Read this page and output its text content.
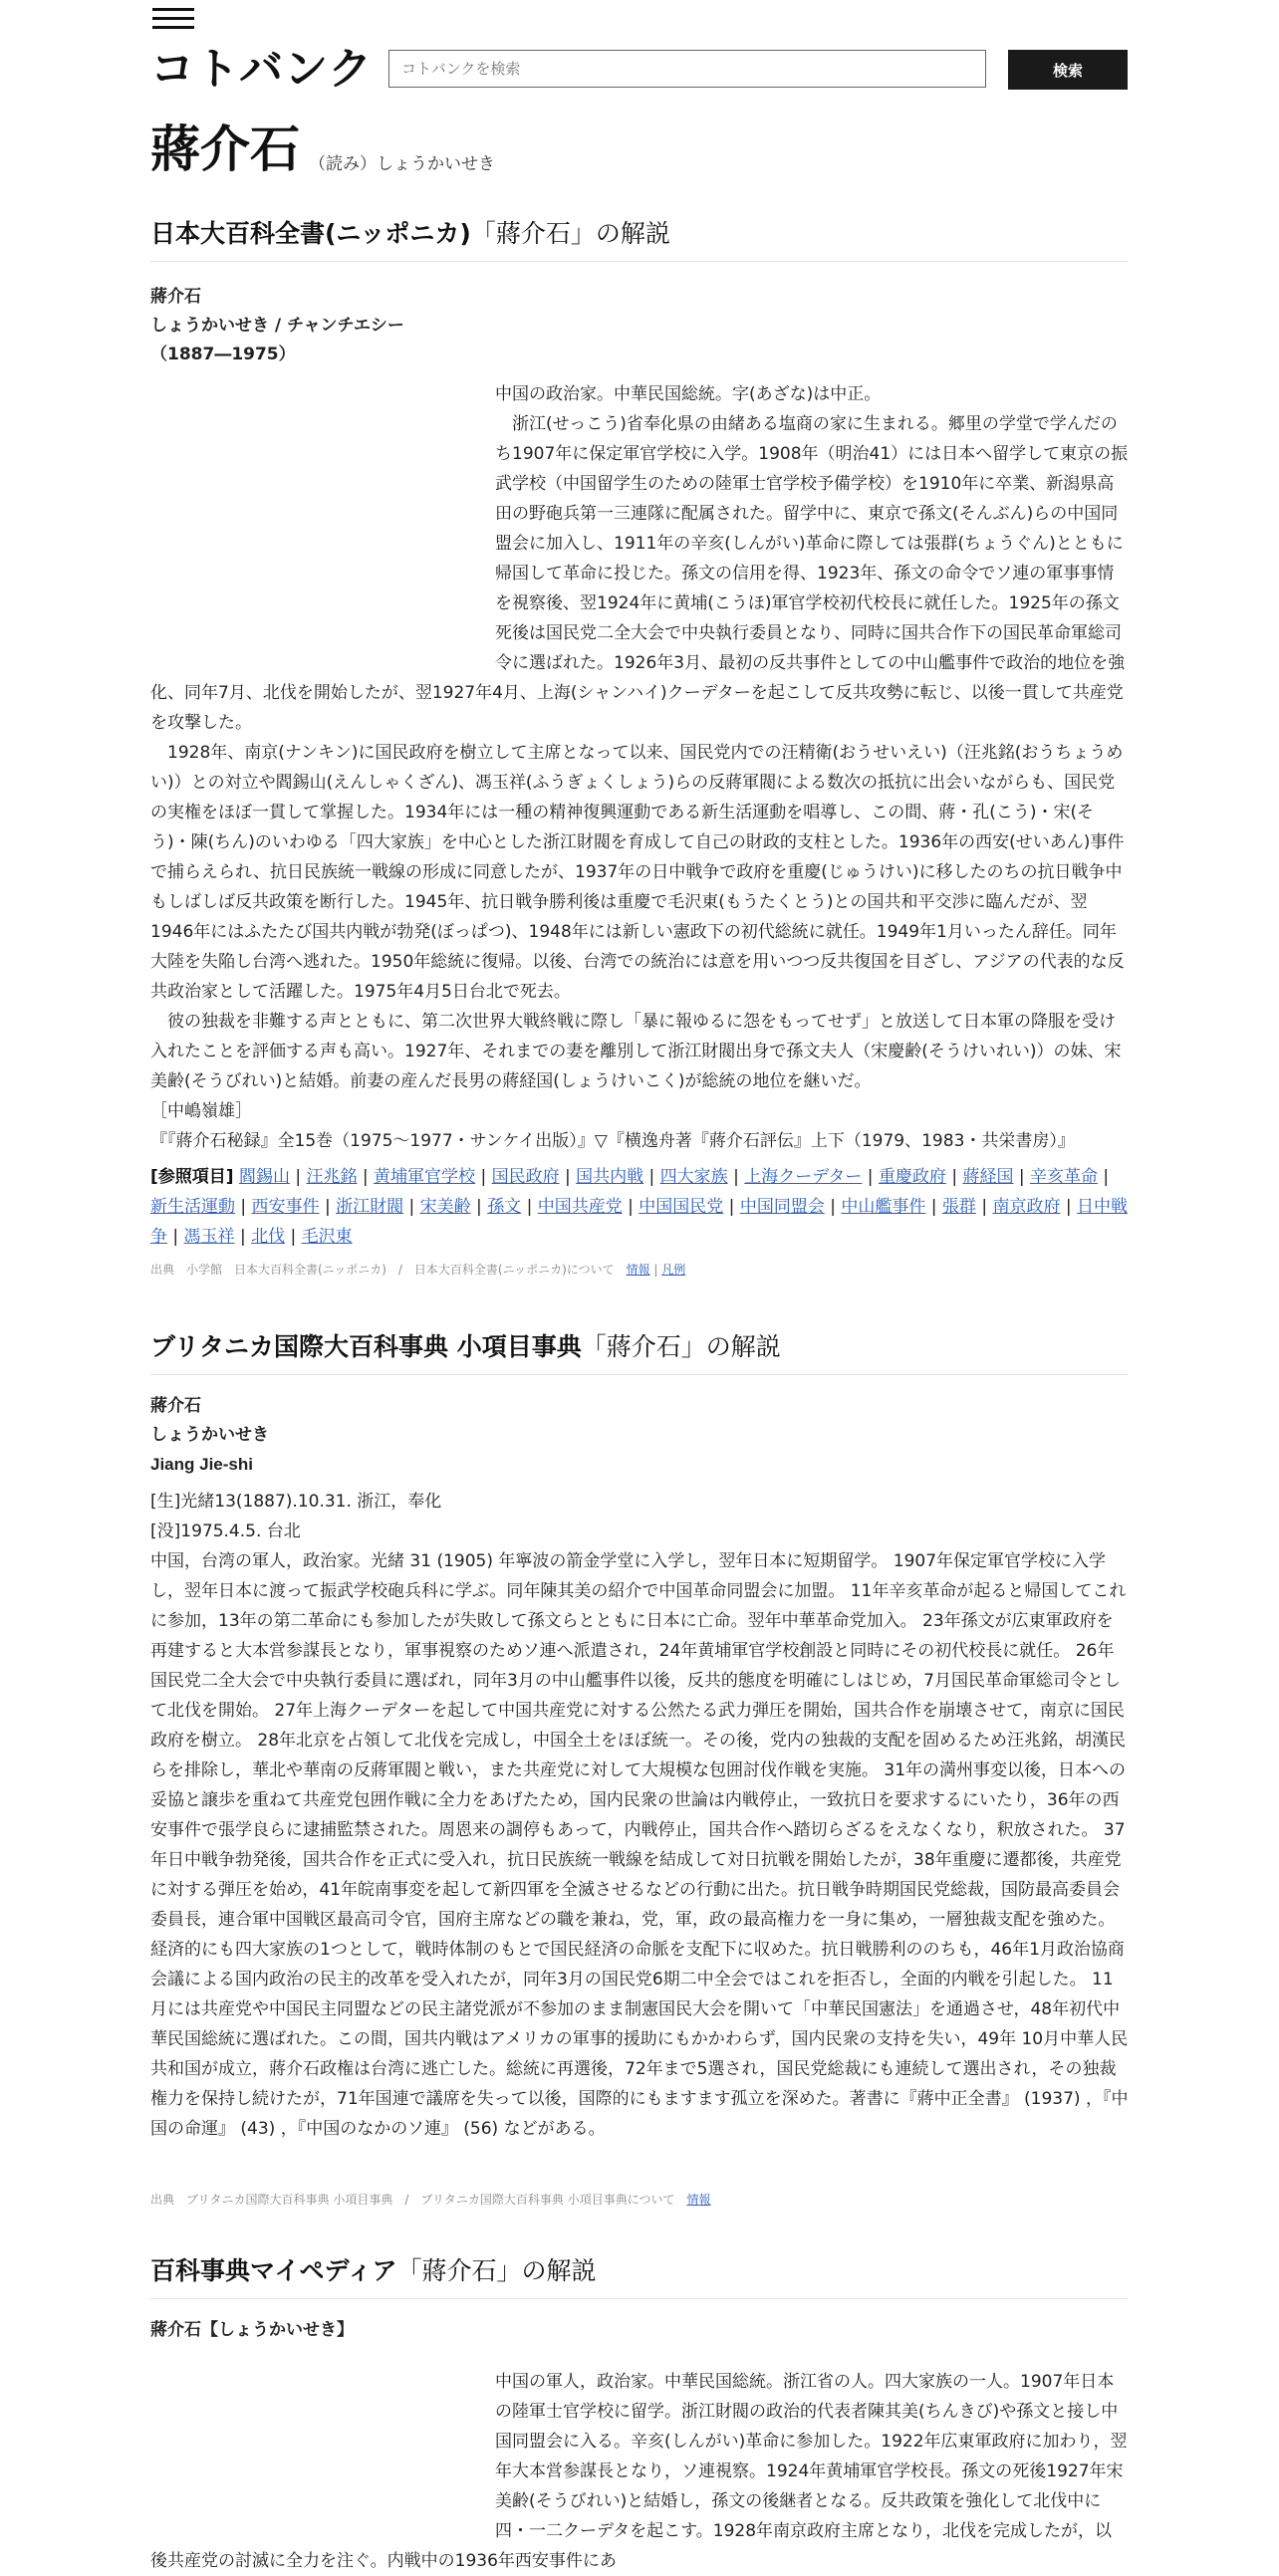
コトバンク
コトバンクを検索	検索
蔣介石 （読み）しょうかいせき
日本大百科全書(ニッポニカ)「蔣介石」の解説
蔣介石
しょうかいせき / チャンチエシー
（1887―1975）

中国の政治家。中華民国総統。字(あざな)は中正。

　浙江(せっこう)省奉化県の由緒ある塩商の家に生まれる。郷里の学堂で学んだのち1907年に保定軍官学校に入学。1908年（明治41）には日本へ留学して東京の振武学校（中国留学生のための陸軍士官学校予備学校）を1910年に卒業、新潟県高田の野砲兵第一三連隊に配属された。留学中に、東京で孫文(そんぶん)らの中国同盟会に加入し、1911年の辛亥(しんがい)革命に際しては張群(ちょうぐん)とともに帰国して革命に投じた。孫文の信用を得、1923年、孫文の命令でソ連の軍事事情を視察後、翌1924年に黄埔(こうほ)軍官学校初代校長に就任した。1925年の孫文死後は国民党二全大会で中央執行委員となり、同時に国共合作下の国民革命軍総司令に選ばれた。1926年3月、最初の反共事件としての中山艦事件で政治的地位を強化、同年7月、北伐を開始したが、翌1927年4月、上海(シャンハイ)クーデターを起こして反共攻勢に転じ、以後一貫して共産党を攻撃した。

　1928年、南京(ナンキン)に国民政府を樹立して主席となって以来、国民党内での汪精衛(おうせいえい)（汪兆銘(おうちょうめい)）との対立や閻錫山(えんしゃくざん)、馮玉祥(ふうぎょくしょう)らの反蔣軍閥による数次の抵抗に出会いながらも、国民党の実権をほぼ一貫して掌握した。1934年には一種の精神復興運動である新生活運動を唱導し、この間、蔣・孔(こう)・宋(そう)・陳(ちん)のいわゆる「四大家族」を中心とした浙江財閥を育成して自己の財政的支柱とした。1936年の西安(せいあん)事件で捕らえられ、抗日民族統一戦線の形成に同意したが、1937年の日中戦争で政府を重慶(じゅうけい)に移したのちの抗日戦争中もしばしば反共政策を断行した。1945年、抗日戦争勝利後は重慶で毛沢東(もうたくとう)との国共和平交渉に臨んだが、翌1946年にはふたたび国共内戦が勃発(ぼっぱつ)、1948年には新しい憲政下の初代総統に就任。1949年1月いったん辞任。同年大陸を失陥し台湾へ逃れた。1950年総統に復帰。以後、台湾での統治には意を用いつつ反共復国を目ざし、アジアの代表的な反共政治家として活躍した。1975年4月5日台北で死去。

　彼の独裁を非難する声とともに、第二次世界大戦終戦に際し「暴に報ゆるに怨をもってせず」と放送して日本軍の降服を受け入れたことを評価する声も高い。1927年、それまでの妻を離別して浙江財閥出身で孫文夫人（宋慶齢(そうけいれい)）の妹、宋美齢(そうびれい)と結婚。前妻の産んだ長男の蔣経国(しょうけいこく)が総統の地位を継いだ。

［中嶋嶺雄］

『『蔣介石秘録』全15巻（1975～1977・サンケイ出版）』▽『横逸舟著『蔣介石評伝』上下（1979、1983・共栄書房）』

[参照項目] 閻錫山 | 汪兆銘 | 黄埔軍官学校 | 国民政府 | 国共内戦 | 四大家族 | 上海クーデター | 重慶政府 | 蔣経国 | 辛亥革命 | 新生活運動 | 西安事件 | 浙江財閥 | 宋美齢 | 孫文 | 中国共産党 | 中国国民党 | 中国同盟会 | 中山艦事件 | 張群 | 南京政府 | 日中戦争 | 馮玉祥 | 北伐 | 毛沢東
出典　小学館　日本大百科全書(ニッポニカ)　/　日本大百科全書(ニッポニカ)について　情報 | 凡例
ブリタニカ国際大百科事典 小項目事典「蔣介石」の解説
蔣介石
しょうかいせき
Jiang Jie-shi

[生]光緒13(1887).10.31. 浙江，奉化

[没]1975.4.5. 台北

中国，台湾の軍人，政治家。光緒 31 (1905) 年寧波の箭金学堂に入学し，翌年日本に短期留学。 1907年保定軍官学校に入学し，翌年日本に渡って振武学校砲兵科に学ぶ。同年陳其美の紹介で中国革命同盟会に加盟。 11年辛亥革命が起ると帰国してこれに参加，13年の第二革命にも参加したが失敗して孫文らとともに日本に亡命。翌年中華革命党加入。 23年孫文が広東軍政府を再建すると大本営参謀長となり，軍事視察のためソ連へ派遣され，24年黄埔軍官学校創設と同時にその初代校長に就任。 26年国民党二全大会で中央執行委員に選ばれ，同年3月の中山艦事件以後，反共的態度を明確にしはじめ，7月国民革命軍総司令として北伐を開始。 27年上海クーデターを起して中国共産党に対する公然たる武力弾圧を開始，国共合作を崩壊させて，南京に国民政府を樹立。 28年北京を占領して北伐を完成し，中国全土をほぼ統一。その後，党内の独裁的支配を固めるため汪兆銘，胡漢民らを排除し，華北や華南の反蔣軍閥と戦い，また共産党に対して大規模な包囲討伐作戦を実施。 31年の満州事変以後，日本への妥協と譲歩を重ねて共産党包囲作戦に全力をあげたため，国内民衆の世論は内戦停止，一致抗日を要求するにいたり，36年の西安事件で張学良らに逮捕監禁された。周恩来の調停もあって，内戦停止，国共合作へ踏切らざるをえなくなり，釈放された。 37年日中戦争勃発後，国共合作を正式に受入れ，抗日民族統一戦線を結成して対日抗戦を開始したが，38年重慶に遷都後，共産党に対する弾圧を始め，41年皖南事変を起して新四軍を全滅させるなどの行動に出た。抗日戦争時期国民党総裁，国防最高委員会委員長，連合軍中国戦区最高司令官，国府主席などの職を兼ね，党，軍，政の最高権力を一身に集め，一層独裁支配を強めた。経済的にも四大家族の1つとして，戦時体制のもとで国民経済の命脈を支配下に収めた。抗日戦勝利ののちも，46年1月政治協商会議による国内政治の民主的改革を受入れたが，同年3月の国民党6期二中全会ではこれを拒否し，全面的内戦を引起した。 11月には共産党や中国民主同盟などの民主諸党派が不参加のまま制憲国民大会を開いて「中華民国憲法」を通過させ，48年初代中華民国総統に選ばれた。この間，国共内戦はアメリカの軍事的援助にもかかわらず，国内民衆の支持を失い，49年 10月中華人民共和国が成立，蔣介石政権は台湾に逃亡した。総統に再選後，72年まで5選され，国民党総裁にも連続して選出され，その独裁権力を保持し続けたが，71年国連で議席を失って以後，国際的にもますます孤立を深めた。著書に『蔣中正全書』 (1937) ，『中国の命運』 (43) ，『中国のなかのソ連』 (56) などがある。

出典　ブリタニカ国際大百科事典 小項目事典　/　ブリタニカ国際大百科事典 小項目事典について　情報
百科事典マイペディア「蔣介石」の解説
蔣介石【しょうかいせき】

中国の軍人，政治家。中華民国総統。浙江省の人。四大家族の一人。1907年日本の陸軍士官学校に留学。浙江財閥の政治的代表者陳其美(ちんきび)や孫文と接し中国同盟会に入る。辛亥(しんがい)革命に参加した。1922年広東軍政府に加わり，翌年大本営参謀長となり，ソ連視察。1924年黄埔軍官学校長。孫文の死後1927年宋美齢(そうびれい)と結婚し，孫文の後継者となる。反共政策を強化して北伐中に四・一二クーデタを起こす。1928年南京政府主席となり，北伐を完成したが，以後共産党の討滅に全力を注ぐ。内戦中の1936年西安事件にあ
